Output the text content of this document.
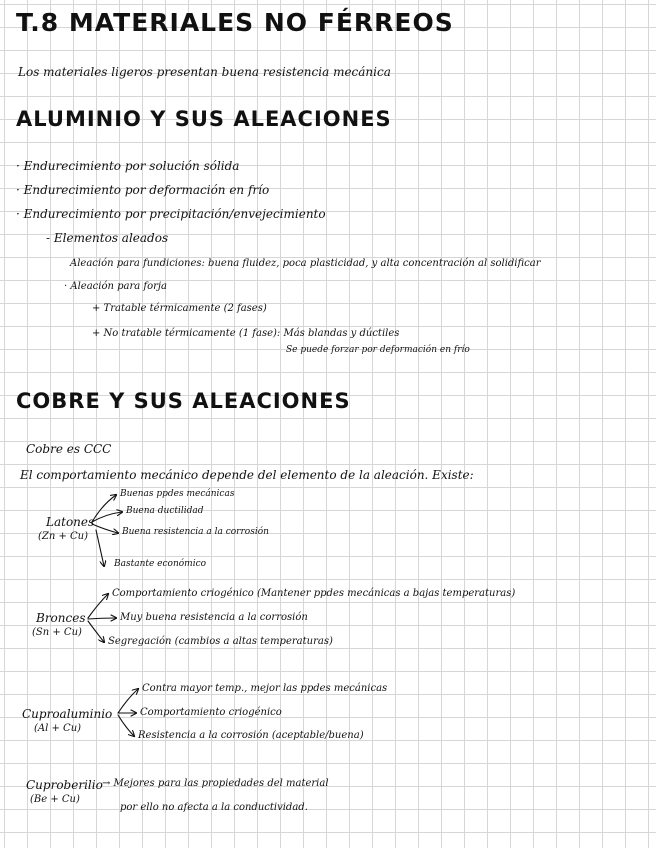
T.8 MATERIALES NO FÉRREOS
Los materiales ligeros presentan buena resistencia mecánica
ALUMINIO Y SUS ALEACIONES
· Endurecimiento por solución sólida
· Endurecimiento por deformación en frío
· Endurecimiento por precipitación/envejecimiento
- Elementos aleados
Aleación para fundiciones: buena fluidez, poca plasticidad, y alta concentración al solidificar
· Aleación para forja
+ Tratable térmicamente (2 fases)
+ No tratable térmicamente (1 fase): Más blandas y dúctiles
Se puede forzar por deformación en frío
COBRE Y SUS ALEACIONES
Cobre es CCC
El comportamiento mecánico depende del elemento de la aleación. Existe:
Latones
(Zn + Cu)
Buenas ppdes mecánicas
Buena ductilidad
Buena resistencia a la corrosión
Bastante económico
Bronces
(Sn + Cu)
Comportamiento criogénico (Mantener ppdes mecánicas a bajas temperaturas)
Muy buena resistencia a la corrosión
Segregación (cambios a altas temperaturas)
Cuproaluminio
(Al + Cu)
Contra mayor temp., mejor las ppdes mecánicas
Comportamiento criogénico
Resistencia a la corrosión (aceptable/buena)
Cuproberilio
(Be + Cu)
→ Mejores para las propiedades del material
por ello no afecta a la conductividad.
